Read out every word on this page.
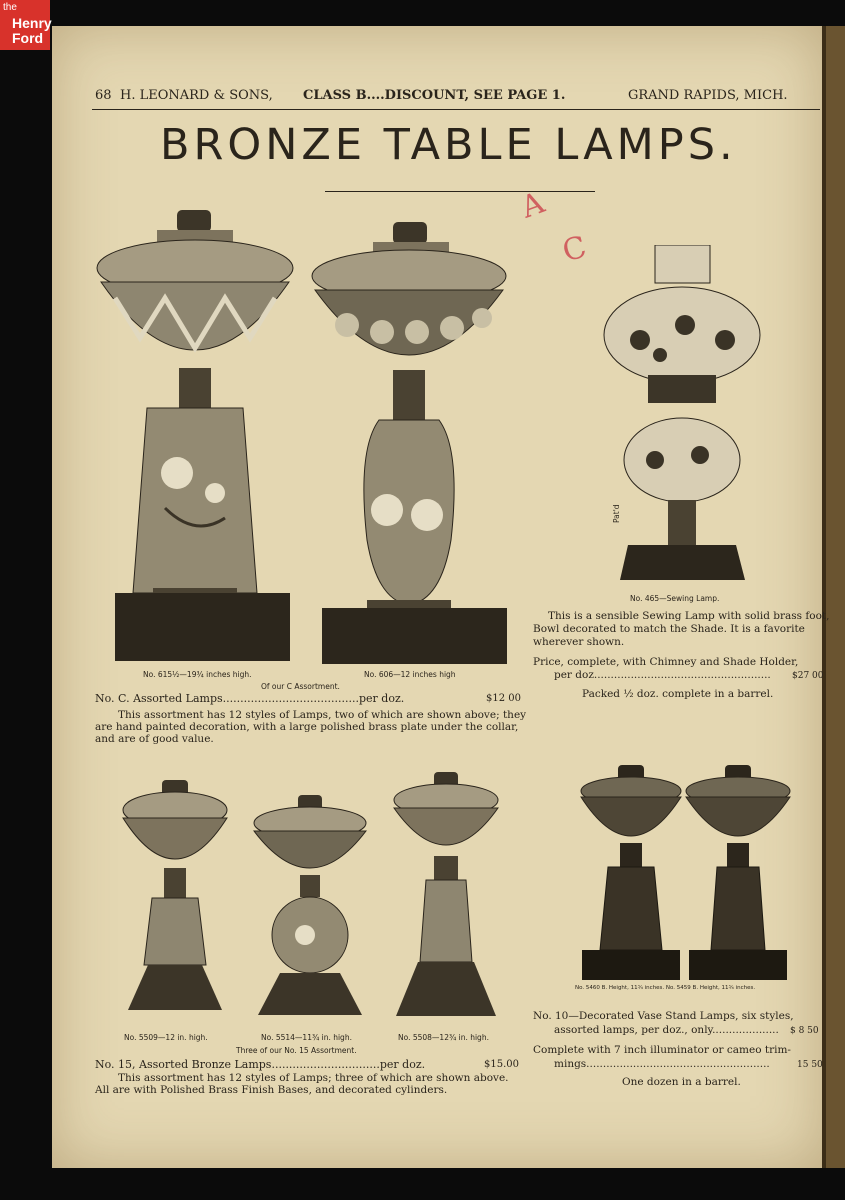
the
Henry
Ford
68 H. LEONARD & SONS, CLASS B....DISCOUNT, SEE PAGE 1.	GRAND RAPIDS, MICH.
BRONZE TABLE LAMPS.
A
C
Pat'd
No. 465—Sewing Lamp.
This is a sensible Sewing Lamp with solid brass foot,
Bowl decorated to match the Shade. It is a favorite
wherever shown.
Price, complete, with Chimney and Shade Holder,
per doz..................................................... $27 00
Packed ½ doz. complete in a barrel.
No. 615½—19¾ inches high.	No. 606—12 inches high
Of our C Assortment.
No. C. Assorted Lamps.......................................per doz.	$12 00
This assortment has 12 styles of Lamps, two of which are shown above; they
are hand painted decoration, with a large polished brass plate under the collar,
and are of good value.
No. 5509—12 in. high.	No. 5514—11¾ in. high.	No. 5508—12¾ in. high.
Three of our No. 15 Assortment.
No. 15, Assorted Bronze Lamps...............................per doz.	$15.00
This assortment has 12 styles of Lamps; three of which are shown above.
All are with Polished Brass Finish Bases, and decorated cylinders.
No. 5460 B. Height, 11¾ inches. No. 5459 B. Height, 11¾ inches.
No. 10—Decorated Vase Stand Lamps, six styles,
assorted lamps, per doz., only.................... $ 8 50
Complete with 7 inch illuminator or cameo trim-
mings.......................................................	15 50
One dozen in a barrel.
